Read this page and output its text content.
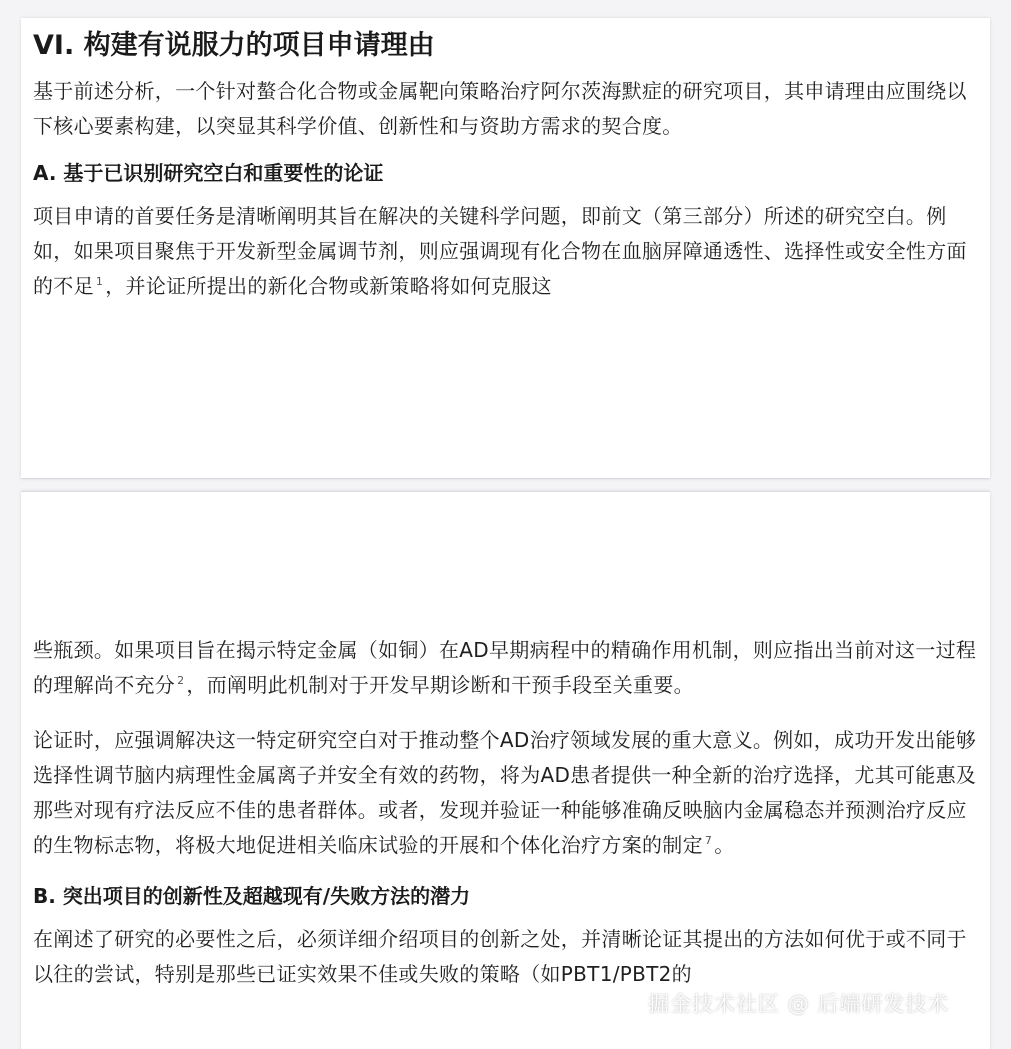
VI. 构建有说服力的项目申请理由

基于前述分析，一个针对螯合化合物或金属靶向策略治疗阿尔茨海默症的研究项目，其申请理由应围绕以下核心要素构建，以突显其科学价值、创新性和与资助方需求的契合度。

A. 基于已识别研究空白和重要性的论证

项目申请的首要任务是清晰阐明其旨在解决的关键科学问题，即前文（第三部分）所述的研究空白。例如，如果项目聚焦于开发新型金属调节剂，则应强调现有化合物在血脑屏障通透性、选择性或安全性方面的不足 $^1$ ，并论证所提出的新化合物或新策略将如何克服这

些瓶颈。如果项目旨在揭示特定金属（如铜）在AD早期病程中的精确作用机制，则应指出当前对这一过程的理解尚不充分 $^2$ ，而阐明此机制对于开发早期诊断和干预手段至关重要。

论证时，应强调解决这一特定研究空白对于推动整个AD治疗领域发展的重大意义。例如，成功开发出能够选择性调节脑内病理性金属离子并安全有效的药物，将为AD患者提供一种全新的治疗选择，尤其可能惠及那些对现有疗法反应不佳的患者群体。或者，发现并验证一种能够准确反映脑内金属稳态并预测治疗反应的生物标志物，将极大地促进相关临床试验的开展和个体化治疗方案的制定 $^7$ 。

B. 突出项目的创新性及超越现有/失败方法的潜力

在阐述了研究的必要性之后，必须详细介绍项目的创新之处，并清晰论证其提出的方法如何优于或不同于以往的尝试，特别是那些已证实效果不佳或失败的策略（如PBT1/PBT2的

掘金技术社区 @ 后端研发技术
